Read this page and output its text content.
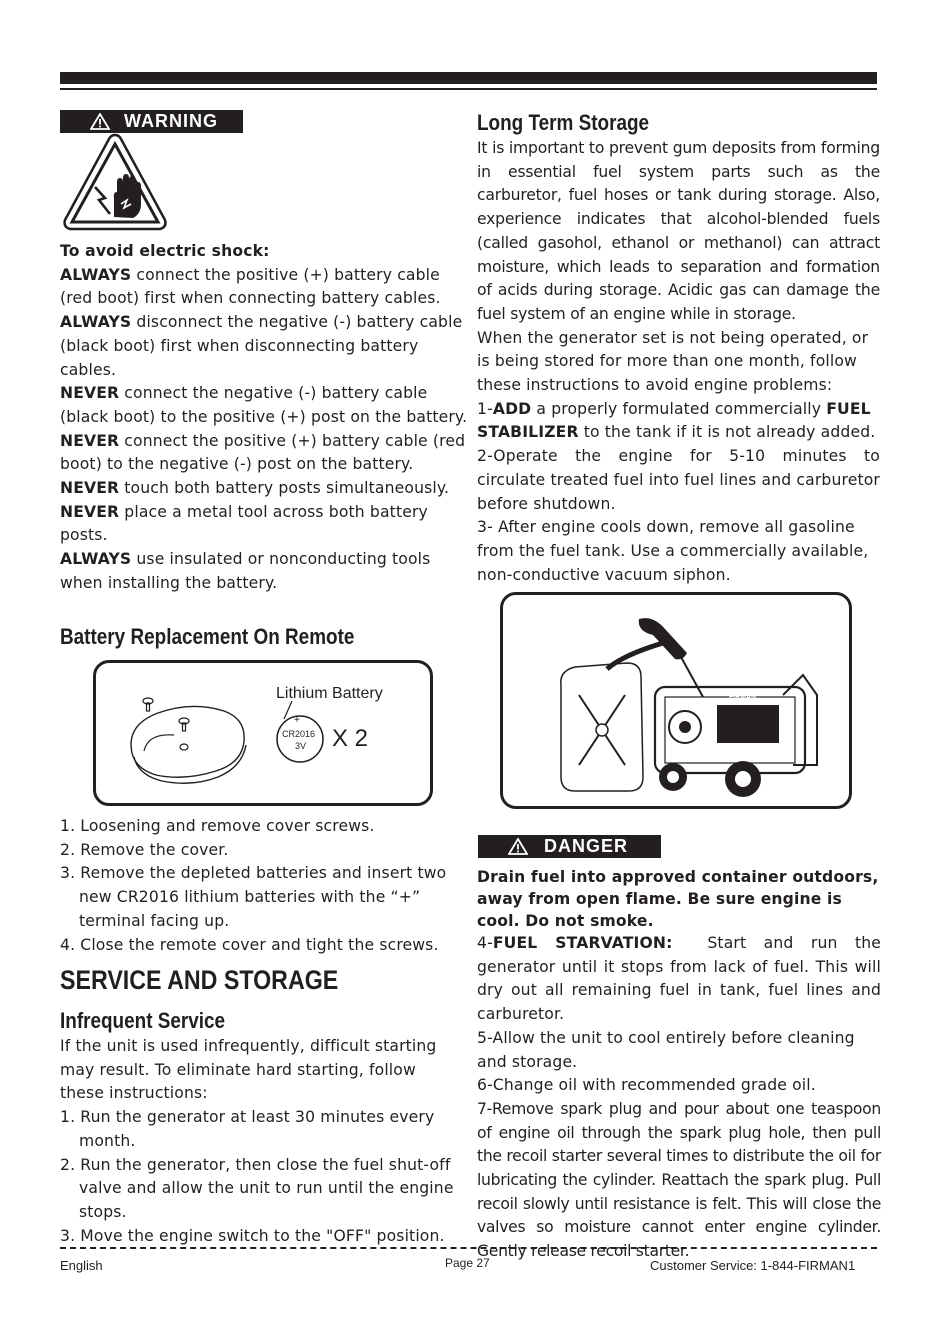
WARNING

To avoid electric shock:

ALWAYS connect the positive (+) battery cable (red boot) first when connecting battery cables.

ALWAYS disconnect the negative (-) battery cable (black boot) first when disconnecting battery cables.

NEVER connect the negative (-) battery cable (black boot) to the positive (+) post on the battery.

NEVER connect the positive (+) battery cable (red boot) to the negative (-) post on the battery.

NEVER touch both battery posts simultaneously.

NEVER place a metal tool across both battery posts.

ALWAYS use insulated or nonconducting tools when installing the battery.

Battery Replacement On Remote
Lithium Battery
+
CR2016
3V X 2

1. Loosening and remove cover screws.

2. Remove the cover.

3. Remove the depleted batteries and insert two new CR2016 lithium batteries with the “+” terminal facing up.

4. Close the remote cover and tight the screws.

SERVICE AND STORAGE
Infrequent Service

If the unit is used infrequently, difficult starting may result. To eliminate hard starting, follow these instructions:

1. Run the generator at least 30 minutes every month.

2. Run the generator, then close the fuel shut-off valve and allow the unit to run until the engine stops.

3. Move the engine switch to the "OFF" position.

Long Term Storage

It is important to prevent gum deposits from forming in essential fuel system parts such as the carburetor, fuel hoses or tank during storage. Also, experience indicates that alcohol-blended fuels (called gasohol, ethanol or methanol) can attract moisture, which leads to separation and formation of acids during storage. Acidic gas can damage the fuel system of an engine while in storage.

When the generator set is not being operated, or is being stored for more than one month, follow these instructions to avoid engine problems:

1-ADD a properly formulated commercially FUEL STABILIZER to the tank if it is not already added.

2-Operate the engine for 5-10 minutes to circulate treated fuel into fuel lines and carburetor before shutdown.

3- After engine cools down, remove all gasoline from the fuel tank. Use a commercially available, non-conductive vacuum siphon.

FIRMAN
DANGER

Drain fuel into approved container outdoors, away from open flame. Be sure engine is cool. Do not smoke.

4-FUEL STARVATION:  Start and run the generator until it stops from lack of fuel. This will dry out all remaining fuel in tank, fuel lines and carburetor.

5-Allow the unit to cool entirely before cleaning and storage.

6-Change oil with recommended grade oil.

7-Remove spark plug and pour about one teaspoon of engine oil through the spark plug hole, then pull the recoil starter several times to distribute the oil for lubricating the cylinder. Reattach the spark plug. Pull recoil slowly until resistance is felt. This will close the valves so moisture cannot enter engine cylinder. Gently release recoil starter.

English	Page 27	Customer Service: 1-844-FIRMAN1
